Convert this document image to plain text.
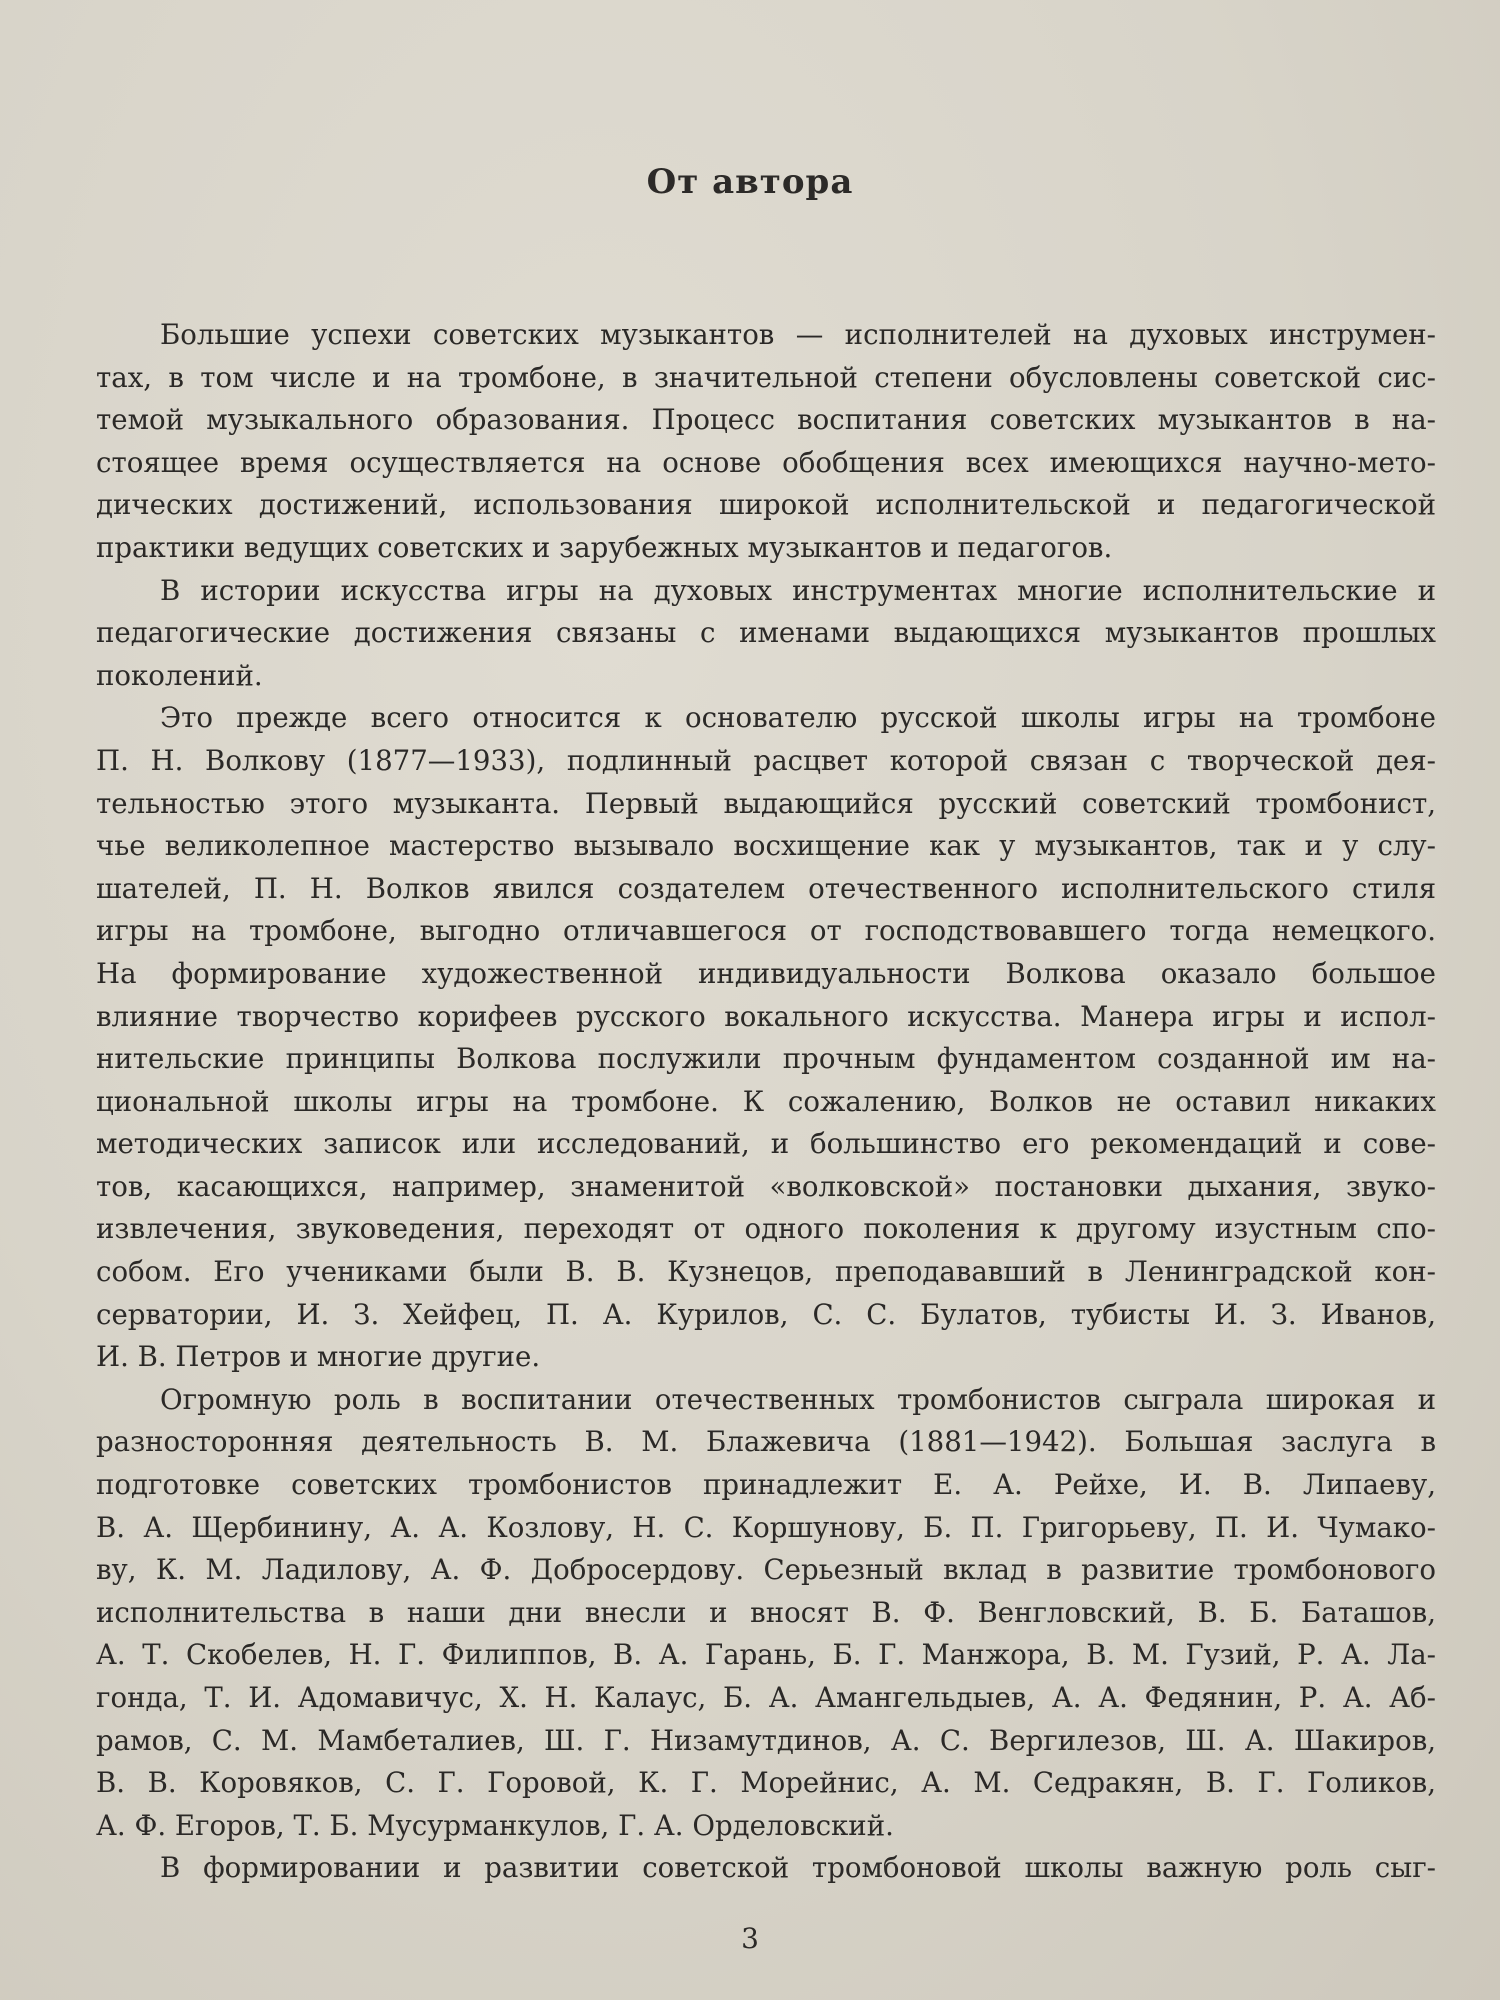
От автора
Большие успехи советских музыкантов — исполнителей на духовых инструмен-
тах, в том числе и на тромбоне, в значительной степени обусловлены советской сис-
темой музыкального образования. Процесс воспитания советских музыкантов в на-
стоящее время осуществляется на основе обобщения всех имеющихся научно-мето-
дических достижений, использования широкой исполнительской и педагогической
практики ведущих советских и зарубежных музыкантов и педагогов.
В истории искусства игры на духовых инструментах многие исполнительские и
педагогические достижения связаны с именами выдающихся музыкантов прошлых
поколений.
Это прежде всего относится к основателю русской школы игры на тромбоне
П. Н. Волкову (1877—1933), подлинный расцвет которой связан с творческой дея-
тельностью этого музыканта. Первый выдающийся русский советский тромбонист,
чье великолепное мастерство вызывало восхищение как у музыкантов, так и у слу-
шателей, П. Н. Волков явился создателем отечественного исполнительского стиля
игры на тромбоне, выгодно отличавшегося от господствовавшего тогда немецкого.
На формирование художественной индивидуальности Волкова оказало большое
влияние творчество корифеев русского вокального искусства. Манера игры и испол-
нительские принципы Волкова послужили прочным фундаментом созданной им на-
циональной школы игры на тромбоне. К сожалению, Волков не оставил никаких
методических записок или исследований, и большинство его рекомендаций и сове-
тов, касающихся, например, знаменитой «волковской» постановки дыхания, звуко-
извлечения, звуковедения, переходят от одного поколения к другому изустным спо-
собом. Его учениками были В. В. Кузнецов, преподававший в Ленинградской кон-
серватории, И. З. Хейфец, П. А. Курилов, С. С. Булатов, тубисты И. З. Иванов,
И. В. Петров и многие другие.
Огромную роль в воспитании отечественных тромбонистов сыграла широкая и
разносторонняя деятельность В. М. Блажевича (1881—1942). Большая заслуга в
подготовке советских тромбонистов принадлежит Е. А. Рейхе, И. В. Липаеву,
В. А. Щербинину, А. А. Козлову, Н. С. Коршунову, Б. П. Григорьеву, П. И. Чумако-
ву, К. М. Ладилову, А. Ф. Добросердову. Серьезный вклад в развитие тромбонового
исполнительства в наши дни внесли и вносят В. Ф. Венгловский, В. Б. Баташов,
А. Т. Скобелев, Н. Г. Филиппов, В. А. Гарань, Б. Г. Манжора, В. М. Гузий, Р. А. Ла-
гонда, Т. И. Адомавичус, Х. Н. Калаус, Б. А. Амангельдыев, А. А. Федянин, Р. А. Аб-
рамов, С. М. Мамбеталиев, Ш. Г. Низамутдинов, А. С. Вергилезов, Ш. А. Шакиров,
В. В. Коровяков, С. Г. Горовой, К. Г. Морейнис, А. М. Седракян, В. Г. Голиков,
А. Ф. Егоров, Т. Б. Мусурманкулов, Г. А. Орделовский.
В формировании и развитии советской тромбоновой школы важную роль сыг-
3
